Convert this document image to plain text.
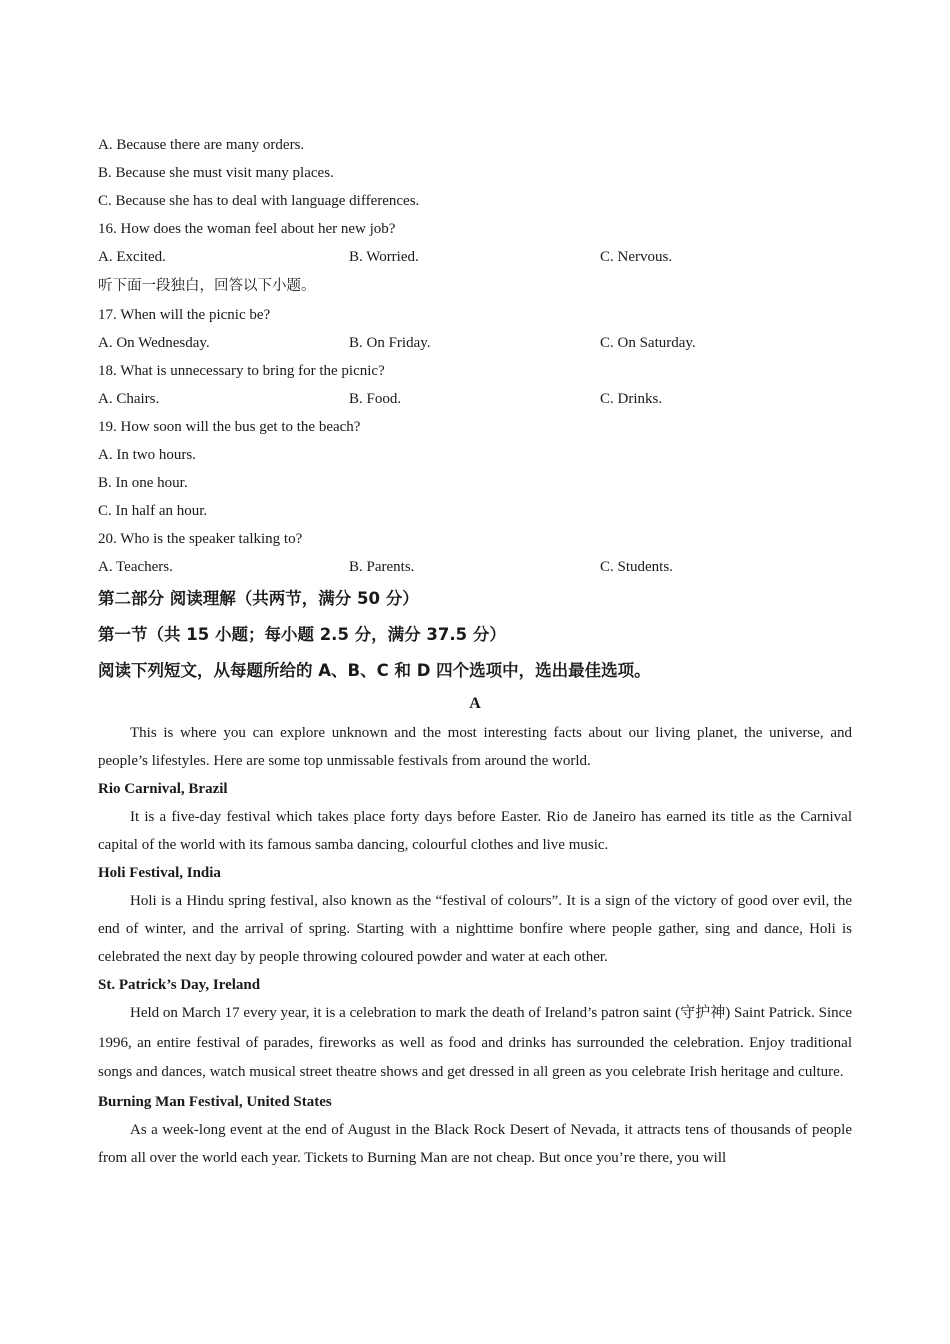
A. Because there are many orders.
B. Because she must visit many places.
C. Because she has to deal with language differences.
16. How does the woman feel about her new job?
A. Excited.	B. Worried.	C. Nervous.
听下面一段独白，回答以下小题。
17. When will the picnic be?
A. On Wednesday.	B. On Friday.	C. On Saturday.
18. What is unnecessary to bring for the picnic?
A. Chairs.	B. Food.	C. Drinks.
19. How soon will the bus get to the beach?
A. In two hours.
B. In one hour.
C. In half an hour.
20. Who is the speaker talking to?
A. Teachers.	B. Parents.	C. Students.
第二部分 阅读理解（共两节，满分 50 分）
第一节（共 15 小题；每小题 2.5 分，满分 37.5 分）
阅读下列短文，从每题所给的 A、B、C 和 D 四个选项中，选出最佳选项。
A

This is where you can explore unknown and the most interesting facts about our living planet, the universe, and people’s lifestyles. Here are some top unmissable festivals from around the world.

Rio Carnival, Brazil

It is a five-day festival which takes place forty days before Easter. Rio de Janeiro has earned its title as the Carnival capital of the world with its famous samba dancing, colourful clothes and live music.

Holi Festival, India

Holi is a Hindu spring festival, also known as the “festival of colours”. It is a sign of the victory of good over evil, the end of winter, and the arrival of spring. Starting with a nighttime bonfire where people gather, sing and dance, Holi is celebrated the next day by people throwing coloured powder and water at each other.

St. Patrick’s Day, Ireland

Held on March 17 every year, it is a celebration to mark the death of Ireland’s patron saint (守护神) Saint Patrick. Since 1996, an entire festival of parades, fireworks as well as food and drinks has surrounded the celebration. Enjoy traditional songs and dances, watch musical street theatre shows and get dressed in all green as you celebrate Irish heritage and culture.

Burning Man Festival, United States

As a week-long event at the end of August in the Black Rock Desert of Nevada, it attracts tens of thousands of people from all over the world each year. Tickets to Burning Man are not cheap. But once you’re there, you will
